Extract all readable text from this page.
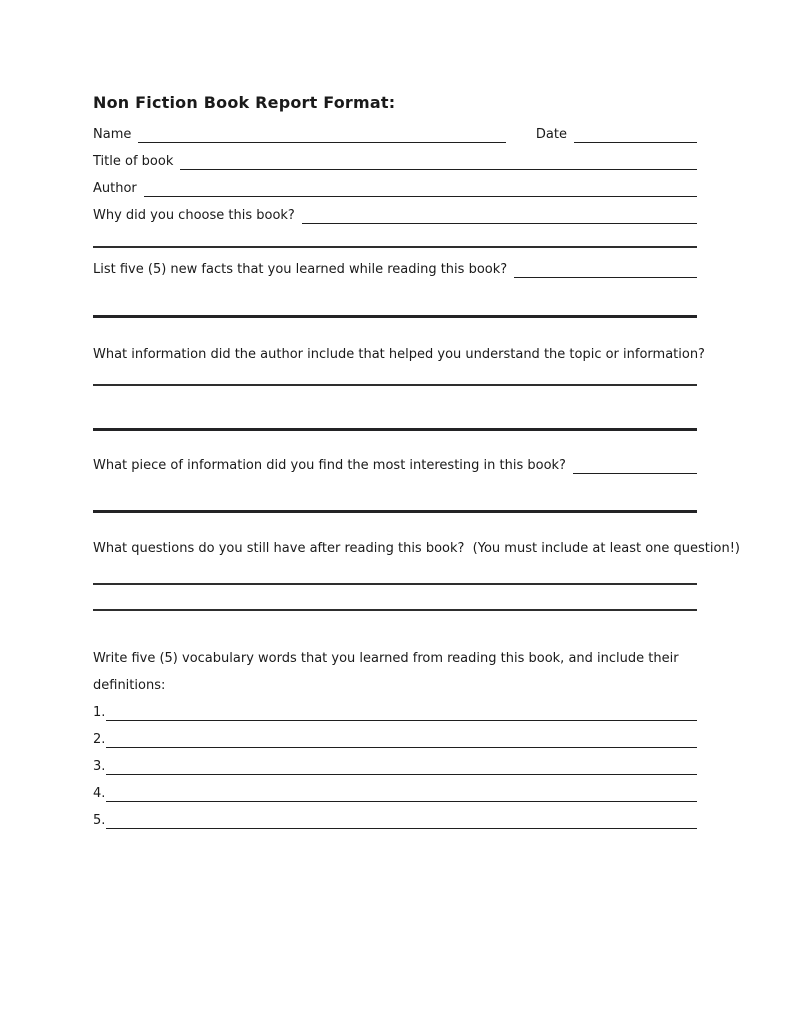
Non Fiction Book Report Format:
Name	Date
Title of book
Author
Why did you choose this book?
List five (5) new facts that you learned while reading this book?
What information did the author include that helped you understand the topic or information?
What piece of information did you find the most interesting in this book?
What questions do you still have after reading this book?  (You must include at least one question!)
Write five (5) vocabulary words that you learned from reading this book, and include their
definitions:
1.
2.
3.
4.
5.
